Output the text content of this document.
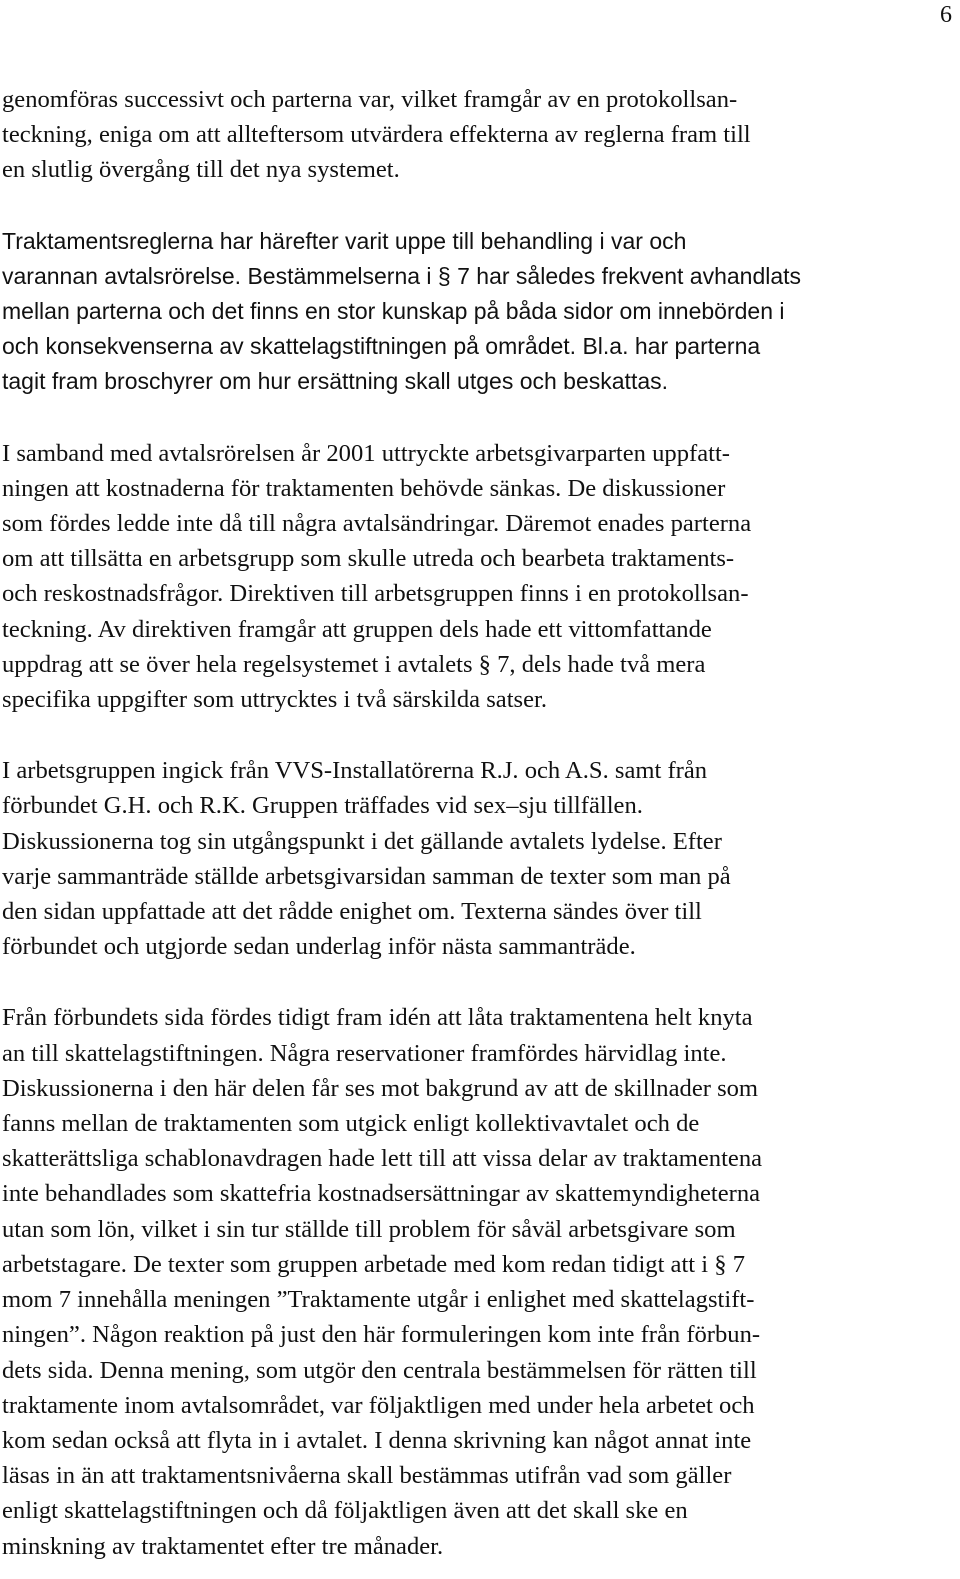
6

genomföras successivt och parterna var, vilket framgår av en protokollsan-
teckning, eniga om att allteftersom utvärdera effekterna av reglerna fram till
en slutlig övergång till det nya systemet.

Traktamentsreglerna har härefter varit uppe till behandling i var och
varannan avtalsrörelse. Bestämmelserna i § 7 har således frekvent avhandlats
mellan parterna och det finns en stor kunskap på båda sidor om innebörden i
och konsekvenserna av skattelagstiftningen på området. Bl.a. har parterna
tagit fram broschyrer om hur ersättning skall utges och beskattas.

I samband med avtalsrörelsen år 2001 uttryckte arbetsgivarparten uppfatt-
ningen att kostnaderna för traktamenten behövde sänkas. De diskussioner
som fördes ledde inte då till några avtalsändringar. Däremot enades parterna
om att tillsätta en arbetsgrupp som skulle utreda och bearbeta traktaments-
och reskostnadsfrågor. Direktiven till arbetsgruppen finns i en protokollsan-
teckning. Av direktiven framgår att gruppen dels hade ett vittomfattande
uppdrag att se över hela regelsystemet i avtalets § 7, dels hade två mera
specifika uppgifter som uttrycktes i två särskilda satser.

I arbetsgruppen ingick från VVS-Installatörerna R.J. och A.S. samt från
förbundet G.H. och R.K. Gruppen träffades vid sex–sju tillfällen.
Diskussionerna tog sin utgångspunkt i det gällande avtalets lydelse. Efter
varje sammanträde ställde arbetsgivarsidan samman de texter som man på
den sidan uppfattade att det rådde enighet om. Texterna sändes över till
förbundet och utgjorde sedan underlag inför nästa sammanträde.

Från förbundets sida fördes tidigt fram idén att låta traktamentena helt knyta
an till skattelagstiftningen. Några reservationer framfördes härvidlag inte.
Diskussionerna i den här delen får ses mot bakgrund av att de skillnader som
fanns mellan de traktamenten som utgick enligt kollektivavtalet och de
skatterättsliga schablonavdragen hade lett till att vissa delar av traktamentena
inte behandlades som skattefria kostnadsersättningar av skattemyndigheterna
utan som lön, vilket i sin tur ställde till problem för såväl arbetsgivare som
arbetstagare. De texter som gruppen arbetade med kom redan tidigt att i § 7
mom 7 innehålla meningen ”Traktamente utgår i enlighet med skattelagstift-
ningen”. Någon reaktion på just den här formuleringen kom inte från förbun-
dets sida. Denna mening, som utgör den centrala bestämmelsen för rätten till
traktamente inom avtalsområdet, var följaktligen med under hela arbetet och
kom sedan också att flyta in i avtalet. I denna skrivning kan något annat inte
läsas in än att traktamentsnivåerna skall bestämmas utifrån vad som gäller
enligt skattelagstiftningen och då följaktligen även att det skall ske en
minskning av traktamentet efter tre månader.
